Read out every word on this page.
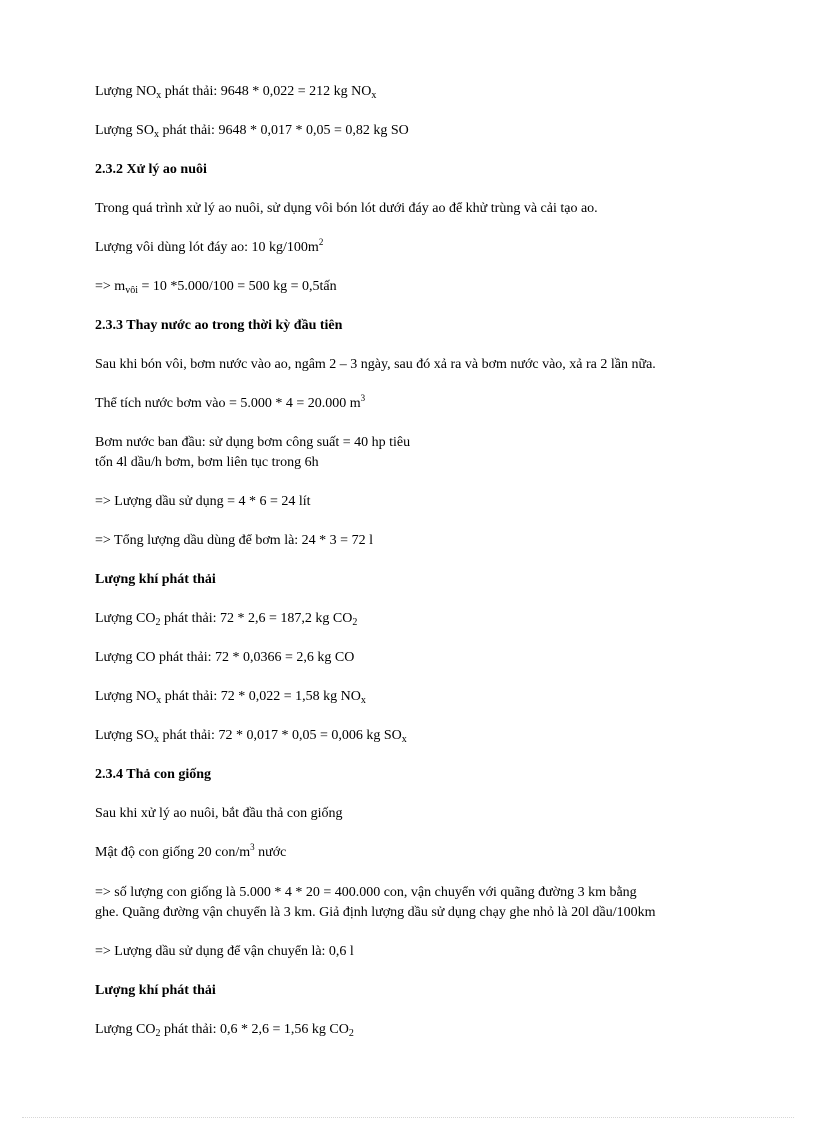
Lượng $NO_x$ phát thải: 9648 * 0,022 = 212 kg $NO_x$
Lượng $SO_x$ phát thải: 9648 * 0,017 * 0,05 = 0,82 kg SO
2.3.2 Xử lý ao nuôi
Trong quá trình xử lý ao nuôi, sử dụng vôi bón lót dưới đáy ao để khử trùng và cải tạo ao.
Lượng vôi dùng lót đáy ao: 10 $kg/100m^2$
=> $m_{vôi} = 10$ *5.000/100 = 500 kg = 0,5tấn
2.3.3 Thay nước ao trong thời kỳ đầu tiên
Sau khi bón vôi, bơm nước vào ao, ngâm 2 – 3 ngày, sau đó xả ra và bơm nước vào, xả ra 2 lần nữa.
Thể tích nước bơm vào = 5.000 * 4 = 20.000 $m^3$
Bơm nước ban đầu: sử dụng bơm công suất = 40 hp tiêu
tốn 4l dầu/h bơm, bơm liên tục trong 6h
=> Lượng dầu sử dụng = 4 * 6 = 24 lít
=> Tổng lượng dầu dùng để bơm là: 24 * 3 = 72 l
Lượng khí phát thải
Lượng $CO_2$ phát thải: 72 * 2,6 = 187,2 kg $CO_2$
Lượng CO phát thải: 72 * 0,0366 = 2,6 kg CO
Lượng $NO_x$ phát thải: 72 * 0,022 = 1,58 kg $NO_x$
Lượng $SO_x$ phát thải: 72 * 0,017 * 0,05 = 0,006 kg $SO_x$
2.3.4 Thả con giống
Sau khi xử lý ao nuôi, bắt đầu thả con giống
Mật độ con giống 20 con/$m^3$ nước
=> số lượng con giống là 5.000 * 4 * 20 = 400.000 con, vận chuyển với quãng đường 3 km bằng
ghe. Quãng đường vận chuyển là 3 km. Giả định lượng dầu sử dụng chạy ghe nhỏ là 20l dầu/100km
=> Lượng dầu sử dụng để vận chuyển là: 0,6 l
Lượng khí phát thải
Lượng $CO_2$ phát thải: 0,6 * 2,6 = 1,56 kg $CO_2$
